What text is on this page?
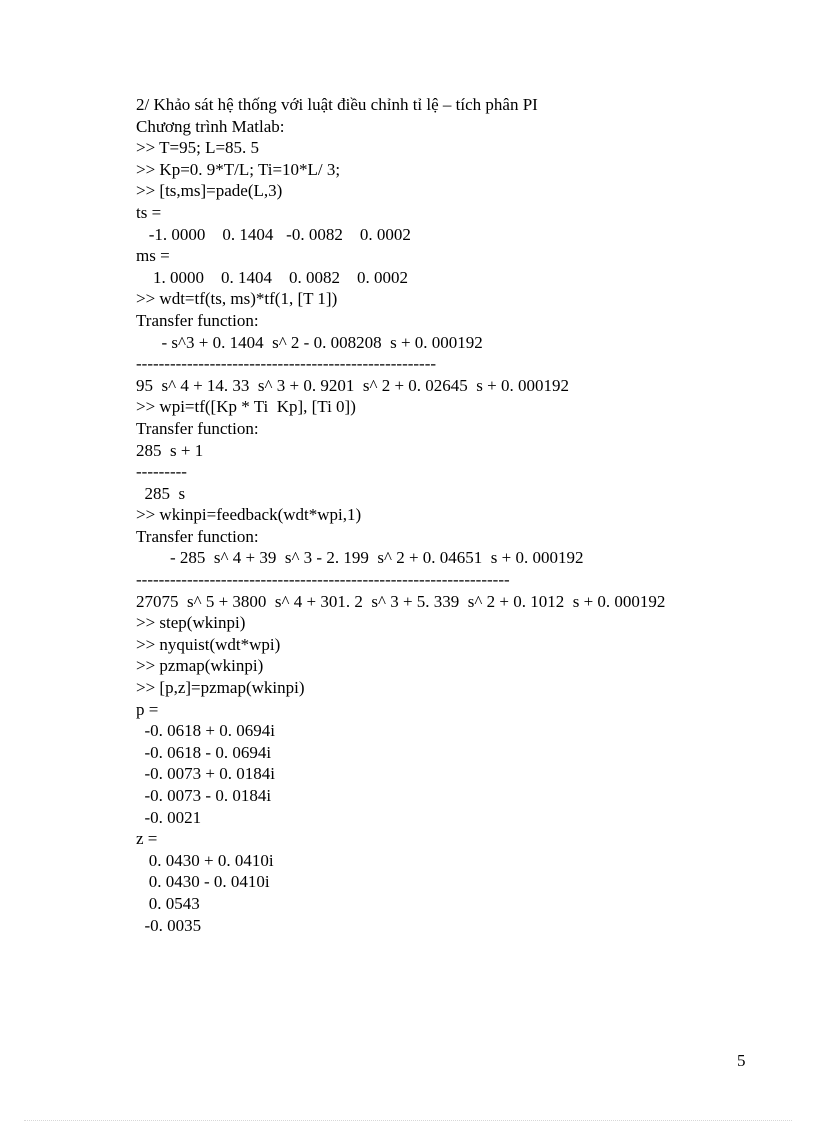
2/ Khảo sát hệ thống với luật điều chỉnh tỉ lệ – tích phân PI
Chương trình Matlab:
>> T=95; L=85. 5
>> Kp=0. 9*T/L; Ti=10*L/ 3;
>> [ts,ms]=pade(L,3)
ts =
-1. 0000    0. 1404   -0. 0082    0. 0002
ms =
1. 0000    0. 1404    0. 0082    0. 0002
>> wdt=tf(ts, ms)*tf(1, [T 1])
Transfer function:
- s^3 + 0. 1404  s^ 2 - 0. 008208  s + 0. 000192
-----------------------------------------------------
95  s^ 4 + 14. 33  s^ 3 + 0. 9201  s^ 2 + 0. 02645  s + 0. 000192
>> wpi=tf([Kp * Ti  Kp], [Ti 0])
Transfer function:
285  s + 1
---------
285  s
>> wkinpi=feedback(wdt*wpi,1)
Transfer function:
- 285  s^ 4 + 39  s^ 3 - 2. 199  s^ 2 + 0. 04651  s + 0. 000192
------------------------------------------------------------------
27075  s^ 5 + 3800  s^ 4 + 301. 2  s^ 3 + 5. 339  s^ 2 + 0. 1012  s + 0. 000192
>> step(wkinpi)
>> nyquist(wdt*wpi)
>> pzmap(wkinpi)
>> [p,z]=pzmap(wkinpi)
p =
-0. 0618 + 0. 0694i
-0. 0618 - 0. 0694i
-0. 0073 + 0. 0184i
-0. 0073 - 0. 0184i
-0. 0021
z =
0. 0430 + 0. 0410i
0. 0430 - 0. 0410i
0. 0543
-0. 0035
5
